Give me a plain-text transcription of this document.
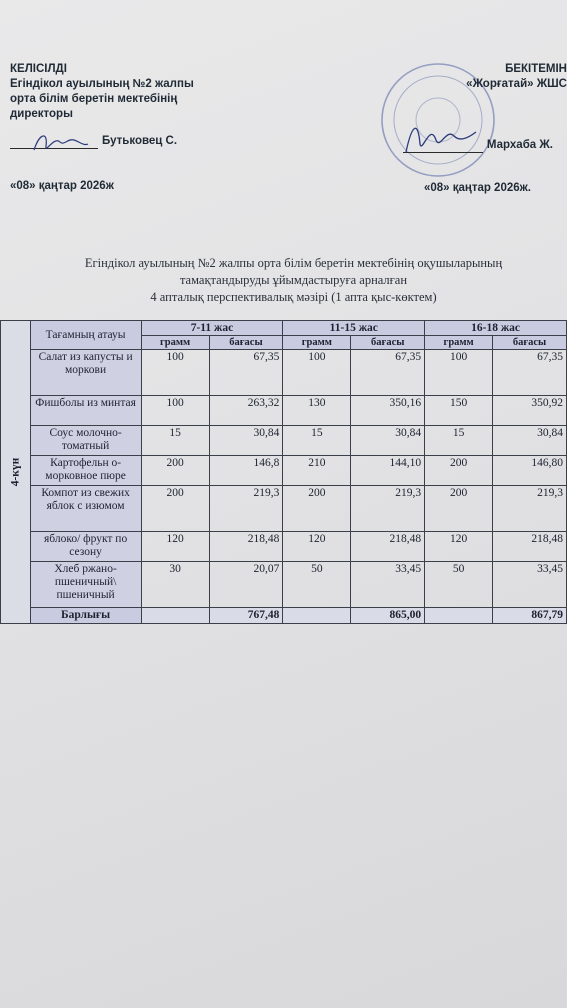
КЕЛІСІЛДІ
Егіндікол ауылының №2 жалпы
орта білім беретін мектебінің
директоры
Бутьковец С.
«08» қаңтар 2026ж
БЕКІТЕМІН
«Жорғатай» ЖШС
Мархаба Ж.
«08» қаңтар 2026ж.
Егіндікол ауылының №2 жалпы орта білім беретін мектебінің оқушыларының
тамақтандыруды ұйымдастыруға арналған
4 апталық перспективалық мәзірі (1 апта қыс-көктем)
4-күн	Тағамның атауы	7-11 жас		11-15 жас		16-18 жас	
		грамм	бағасы	грамм	бағасы	грамм	бағасы
	Салат из капусты и моркови	100	67,35	100	67,35	100	67,35
	Фишболы из минтая	100	263,32	130	350,16	150	350,92
	Соус молочно-томатный	15	30,84	15	30,84	15	30,84
	Картофельн о-морковное пюре	200	146,8	210	144,10	200	146,80
	Компот из свежих яблок с изюмом	200	219,3	200	219,3	200	219,3
	яблоко/ фрукт по сезону	120	218,48	120	218,48	120	218,48
	Хлеб ржано-пшеничный\ пшеничный	30	20,07	50	33,45	50	33,45
	Барлығы		767,48		865,00		867,79
